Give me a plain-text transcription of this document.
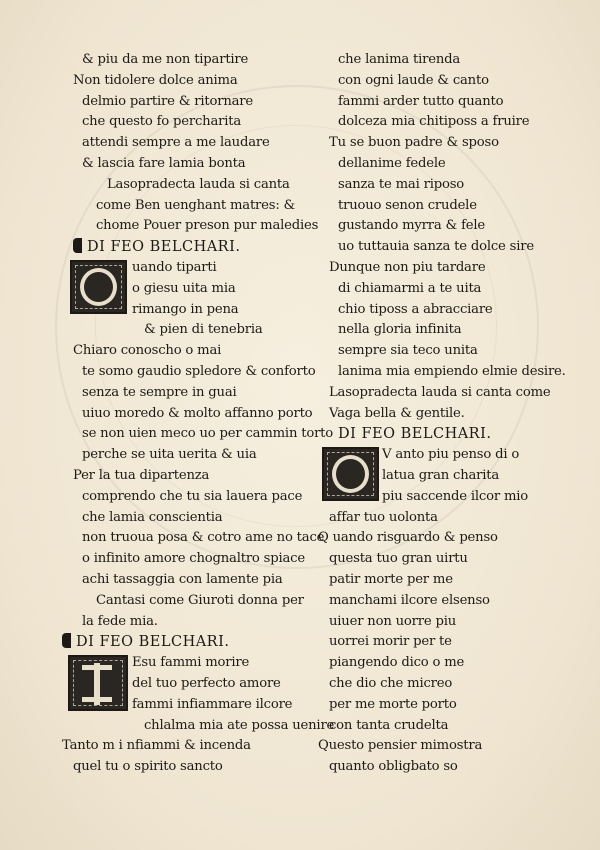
& piu da me non tipartire
Non tidolere dolce anima
delmio partire & ritornare
che questo fo percharita
attendi sempre a me laudare
& lascia fare lamia bonta
Lasopradecta lauda si canta
come Ben uenghant matres: &
chome Pouer preson pur maledies
DI FEO BELCHARI.
uando tiparti
o giesu uita mia
rimango in pena
& pien di tenebria
Chiaro conoscho o mai
te somo gaudio spledore & conforto
senza te sempre in guai
uiuo moredo & molto affanno porto
se non uien meco uo per cammin torto
perche se uita uerita & uia
Per la tua dipartenza
comprendo che tu sia lauera pace
che lamia conscientia
non truoua posa & cotro ame no tace
o infinito amore chognaltro spiace
achi tassaggia con lamente pia
Cantasi come Giuroti donna per
la fede mia.
DI FEO BELCHARI.
Esu fammi morire
del tuo perfecto amore
fammi infiammare ilcore
chlalma mia ate possa uenire
Tanto m i nfiammi & incenda
quel tu o spirito sancto
che lanima tirenda
con ogni laude & canto
fammi arder tutto quanto
dolceza mia chitiposs a fruire
Tu se buon padre & sposo
dellanime fedele
sanza te mai riposo
truouo senon crudele
gustando myrra & fele
uo tuttauia sanza te dolce sire
Dunque non piu tardare
di chiamarmi a te uita
chio tiposs a abracciare
nella gloria infinita
sempre sia teco unita
lanima mia empiendo elmie desire.
Lasopradecta lauda si canta come
Vaga bella & gentile.
DI FEO BELCHARI.
V anto piu penso di o
latua gran charita
piu saccende ilcor mio
affar tuo uolonta
Q uando risguardo & penso
questa tuo gran uirtu
patir morte per me
manchami ilcore elsenso
uiuer non uorre piu
uorrei morir per te
piangendo dico o me
che dio che micreo
per me morte porto
con tanta crudelta
Questo pensier mimostra
quanto obligbato so
